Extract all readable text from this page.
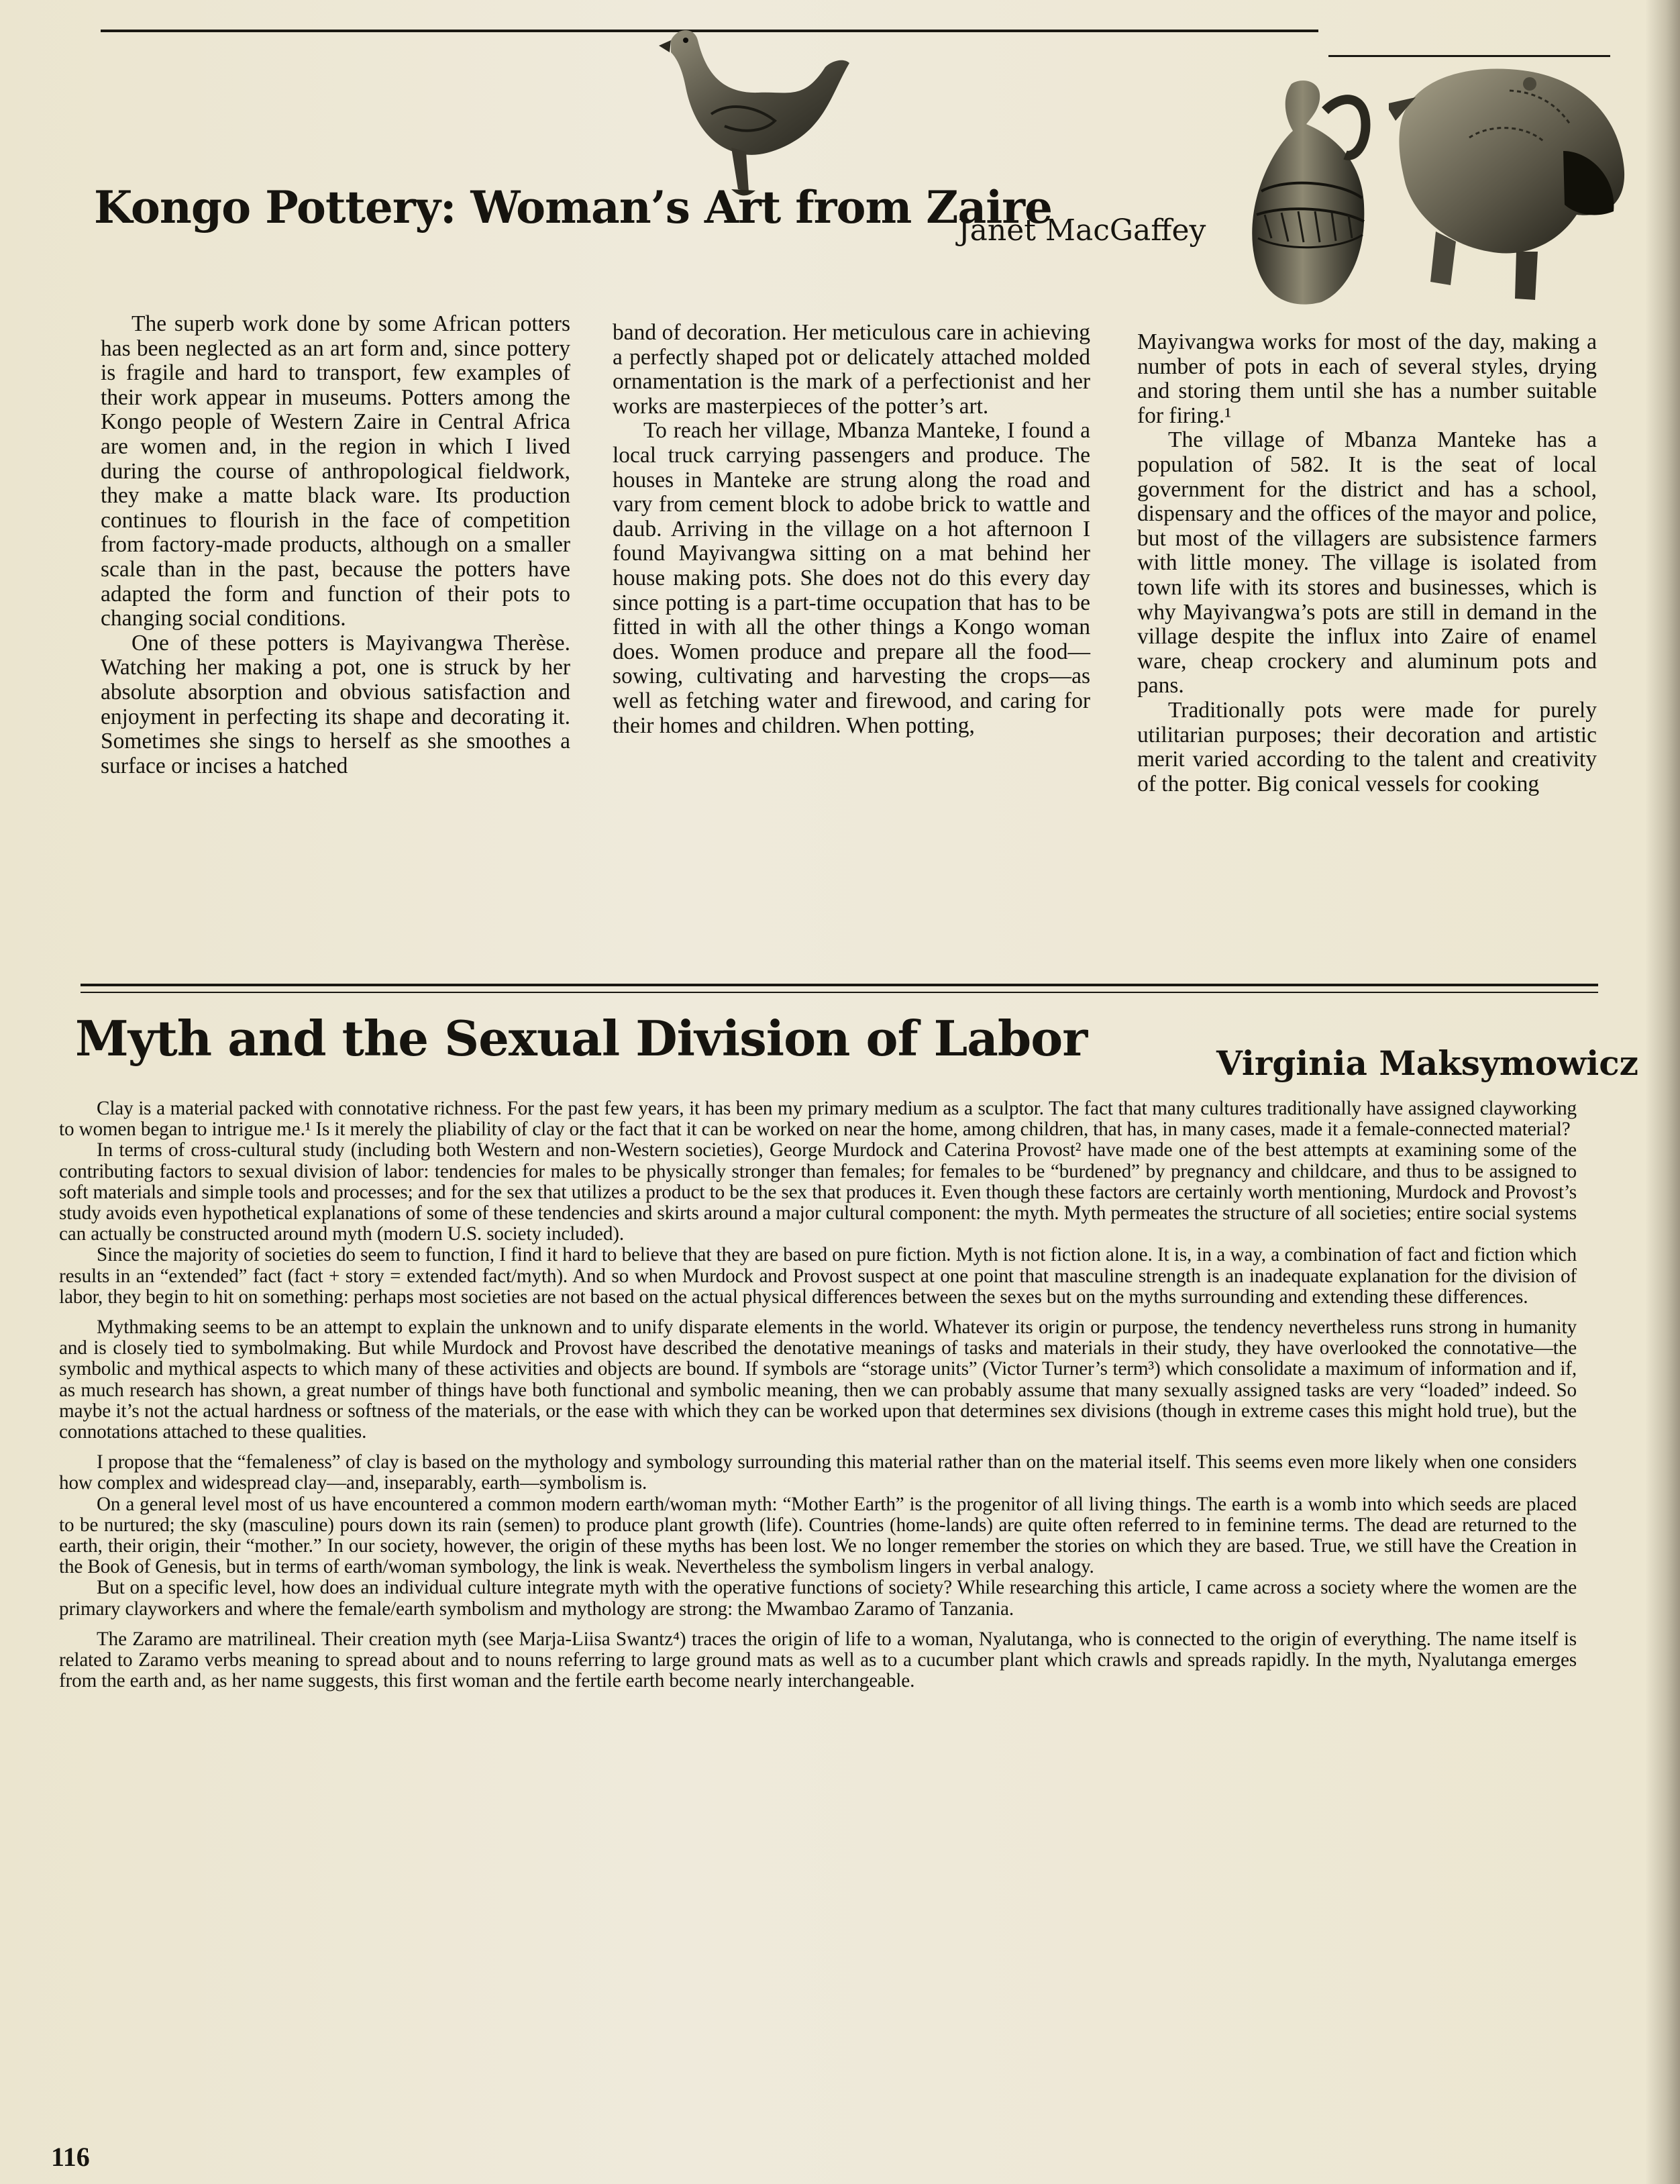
Kongo Pottery: Woman’s Art from Zaire
Janet MacGaffey

The superb work done by some African potters has been neglected as an art form and, since pottery is fragile and hard to transport, few examples of their work appear in museums. Potters among the Kongo people of Western Zaire in Central Africa are women and, in the region in which I lived during the course of anthropological fieldwork, they make a matte black ware. Its production continues to flourish in the face of competition from factory-made products, although on a smaller scale than in the past, because the potters have adapted the form and function of their pots to changing social conditions.

One of these potters is Mayivangwa Therèse. Watching her making a pot, one is struck by her absolute absorption and obvious satisfaction and enjoyment in perfecting its shape and decorating it. Sometimes she sings to herself as she smoothes a surface or incises a hatched

band of decoration. Her meticulous care in achieving a perfectly shaped pot or delicately attached molded ornamentation is the mark of a perfectionist and her works are masterpieces of the potter’s art.

To reach her village, Mbanza Manteke, I found a local truck carrying passengers and produce. The houses in Manteke are strung along the road and vary from cement block to adobe brick to wattle and daub. Arriving in the village on a hot afternoon I found Mayivangwa sitting on a mat behind her house making pots. She does not do this every day since potting is a part-time occupation that has to be fitted in with all the other things a Kongo woman does. Women produce and prepare all the food—sowing, cultivating and harvesting the crops—as well as fetching water and firewood, and caring for their homes and children. When potting,

Mayivangwa works for most of the day, making a number of pots in each of several styles, drying and storing them until she has a number suitable for firing.¹

The village of Mbanza Manteke has a population of 582. It is the seat of local government for the district and has a school, dispensary and the offices of the mayor and police, but most of the villagers are subsistence farmers with little money. The village is isolated from town life with its stores and businesses, which is why Mayivangwa’s pots are still in demand in the village despite the influx into Zaire of enamel ware, cheap crockery and aluminum pots and pans.

Traditionally pots were made for purely utilitarian purposes; their decoration and artistic merit varied according to the talent and creativity of the potter. Big conical vessels for cooking

Myth and the Sexual Division of Labor	Virginia Maksymowicz

Clay is a material packed with connotative richness. For the past few years, it has been my primary medium as a sculptor. The fact that many cultures traditionally have assigned clayworking to women began to intrigue me.¹ Is it merely the pliability of clay or the fact that it can be worked on near the home, among children, that has, in many cases, made it a female-connected material?

In terms of cross-cultural study (including both Western and non-Western societies), George Murdock and Caterina Provost² have made one of the best attempts at examining some of the contributing factors to sexual division of labor: tendencies for males to be physically stronger than females; for females to be “burdened” by pregnancy and childcare, and thus to be assigned to soft materials and simple tools and processes; and for the sex that utilizes a product to be the sex that produces it. Even though these factors are certainly worth mentioning, Murdock and Provost’s study avoids even hypothetical explanations of some of these tendencies and skirts around a major cultural component: the myth. Myth permeates the structure of all societies; entire social systems can actually be constructed around myth (modern U.S. society included).

Since the majority of societies do seem to function, I find it hard to believe that they are based on pure fiction. Myth is not fiction alone. It is, in a way, a combination of fact and fiction which results in an “extended” fact (fact + story = extended fact/myth). And so when Murdock and Provost suspect at one point that masculine strength is an inadequate explanation for the division of labor, they begin to hit on something: perhaps most societies are not based on the actual physical differences between the sexes but on the myths surrounding and extending these differences.

Mythmaking seems to be an attempt to explain the unknown and to unify disparate elements in the world. Whatever its origin or purpose, the tendency nevertheless runs strong in humanity and is closely tied to symbolmaking. But while Murdock and Provost have described the denotative meanings of tasks and materials in their study, they have overlooked the connotative—the symbolic and mythical aspects to which many of these activities and objects are bound. If symbols are “storage units” (Victor Turner’s term³) which consolidate a maximum of information and if, as much research has shown, a great number of things have both functional and symbolic meaning, then we can probably assume that many sexually assigned tasks are very “loaded” indeed. So maybe it’s not the actual hardness or softness of the materials, or the ease with which they can be worked upon that determines sex divisions (though in extreme cases this might hold true), but the connotations attached to these qualities.

I propose that the “femaleness” of clay is based on the mythology and symbology surrounding this material rather than on the material itself. This seems even more likely when one considers how complex and widespread clay—and, inseparably, earth—symbolism is.

On a general level most of us have encountered a common modern earth/woman myth: “Mother Earth” is the progenitor of all living things. The earth is a womb into which seeds are placed to be nurtured; the sky (masculine) pours down its rain (semen) to produce plant growth (life). Countries (home-lands) are quite often referred to in feminine terms. The dead are returned to the earth, their origin, their “mother.” In our society, however, the origin of these myths has been lost. We no longer remember the stories on which they are based. True, we still have the Creation in the Book of Genesis, but in terms of earth/woman symbology, the link is weak. Nevertheless the symbolism lingers in verbal analogy.

But on a specific level, how does an individual culture integrate myth with the operative functions of society? While researching this article, I came across a society where the women are the primary clayworkers and where the female/earth symbolism and mythology are strong: the Mwambao Zaramo of Tanzania.

The Zaramo are matrilineal. Their creation myth (see Marja-Liisa Swantz⁴) traces the origin of life to a woman, Nyalutanga, who is connected to the origin of everything. The name itself is related to Zaramo verbs meaning to spread about and to nouns referring to large ground mats as well as to a cucumber plant which crawls and spreads rapidly. In the myth, Nyalutanga emerges from the earth and, as her name suggests, this first woman and the fertile earth become nearly interchangeable.

116
